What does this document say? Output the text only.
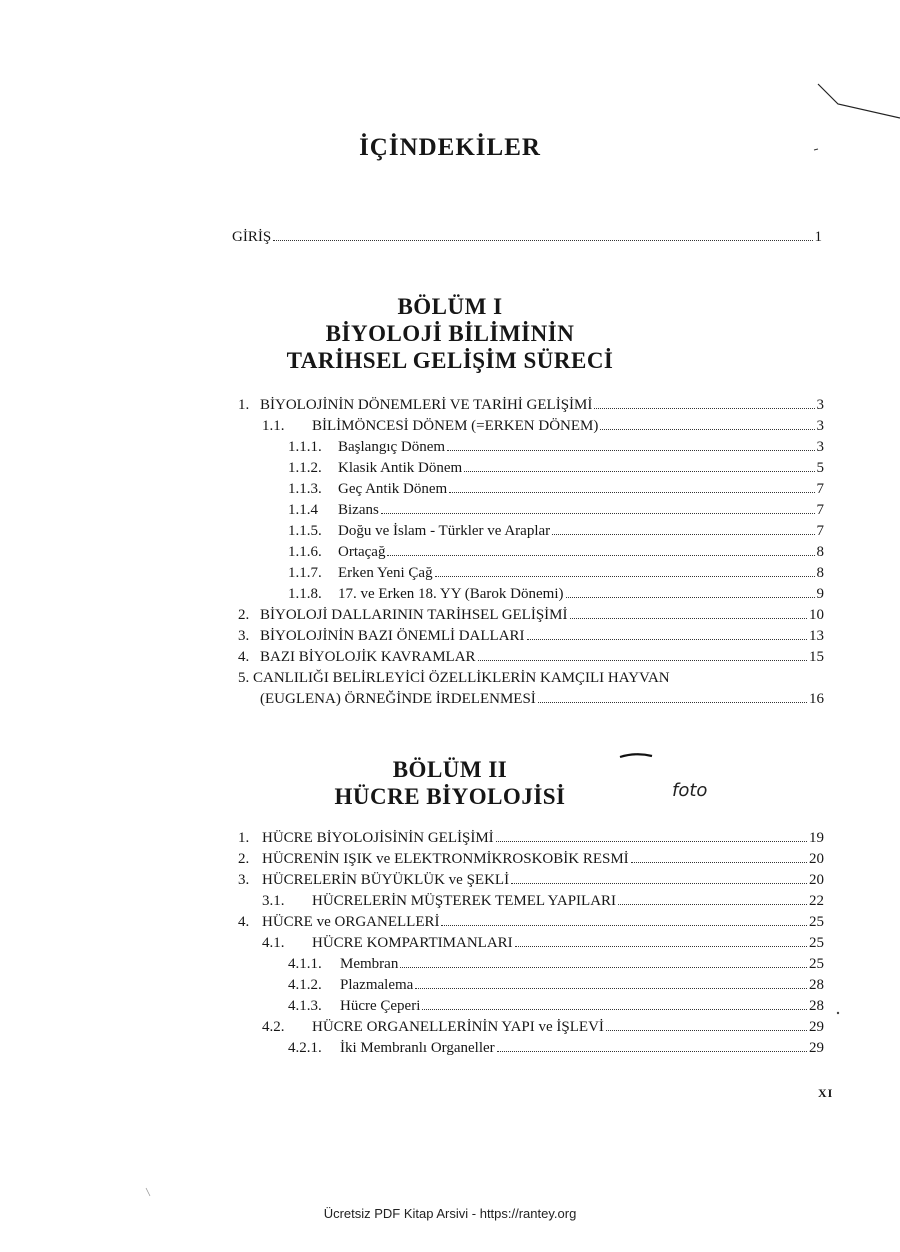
İÇİNDEKİLER
GİRİŞ	1
BÖLÜM I
BİYOLOJİ BİLİMİNİN
TARİHSEL GELİŞİM SÜRECİ
1. BİYOLOJİNİN DÖNEMLERİ VE TARİHİ GELİŞİMİ	3
1.1.	BİLİMÖNCESİ DÖNEM (=ERKEN DÖNEM)	3
1.1.1.	Başlangıç Dönem	3
1.1.2.	Klasik Antik Dönem	5
1.1.3.	Geç Antik Dönem	7
1.1.4	Bizans	7
1.1.5.	Doğu ve İslam - Türkler ve Araplar	7
1.1.6.	Ortaçağ	8
1.1.7.	Erken Yeni Çağ	8
1.1.8.	17. ve Erken 18. YY (Barok Dönemi)	9
2. BİYOLOJİ DALLARININ TARİHSEL GELİŞİMİ	10
3. BİYOLOJİNİN BAZI ÖNEMLİ DALLARI	13
4. BAZI BİYOLOJİK KAVRAMLAR	15
5. CANLILIĞI BELİRLEYİCİ ÖZELLİKLERİN KAMÇILI HAYVAN
(EUGLENA) ÖRNEĞİNDE İRDELENMESİ	16
BÖLÜM II
HÜCRE BİYOLOJİSİ	foto
1. HÜCRE BİYOLOJİSİNİN GELİŞİMİ	19
2. HÜCRENİN IŞIK ve ELEKTRONMİKROSKOBİK RESMİ	20
3. HÜCRELERİN BÜYÜKLÜK ve ŞEKLİ	20
3.1.	HÜCRELERİN MÜŞTEREK TEMEL YAPILARI	22
4. HÜCRE ve ORGANELLERİ	25
4.1.	HÜCRE KOMPARTIMANLARI	25
4.1.1.	Membran	25
4.1.2.	Plazmalema	28
4.1.3.	Hücre Çeperi	28
4.2.	HÜCRE ORGANELLERİNİN YAPI ve İŞLEVİ	29
4.2.1.	İki Membranlı Organeller	29
XI
Ücretsiz PDF Kitap Arsivi - https://rantey.org
